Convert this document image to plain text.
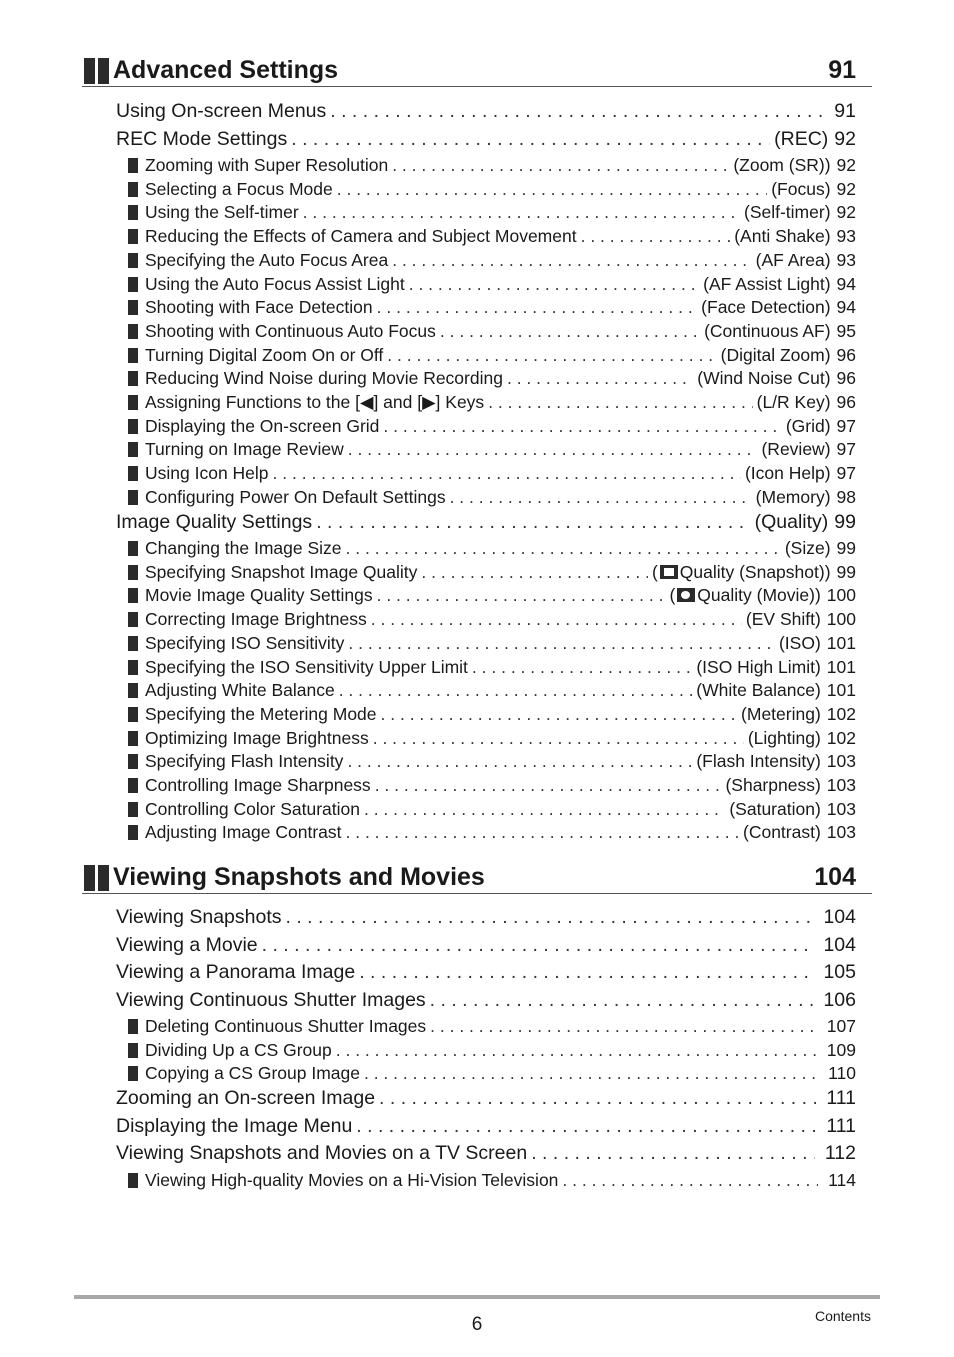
Advanced Settings	91
Viewing Snapshots and Movies	104
Using On-screen Menus . . .	91
REC Mode Settings . . .	(REC) 92
Zooming with Super Resolution . . .	(Zoom (SR)) 92
Selecting a Focus Mode . . .	(Focus) 92
Using the Self-timer . . .	(Self-timer) 92
Reducing the Effects of Camera and Subject Movement . . .	(Anti Shake) 93
Specifying the Auto Focus Area . . .	(AF Area) 93
Using the Auto Focus Assist Light . . .	(AF Assist Light) 94
Shooting with Face Detection . . .	(Face Detection) 94
Shooting with Continuous Auto Focus . . .	(Continuous AF) 95
Turning Digital Zoom On or Off . . .	(Digital Zoom) 96
Reducing Wind Noise during Movie Recording . . .	(Wind Noise Cut) 96
Assigning Functions to the [◀] and [▶] Keys . . .	(L/R Key) 96
Displaying the On-screen Grid . . .	(Grid) 97
Turning on Image Review . . .	(Review) 97
Using Icon Help . . .	(Icon Help) 97
Configuring Power On Default Settings . . .	(Memory) 98
Image Quality Settings . . .	(Quality) 99
Changing the Image Size . . .	(Size) 99
Specifying Snapshot Image Quality . . .	( Quality (Snapshot)) 99
Movie Image Quality Settings . . .	( Quality (Movie)) 100
Correcting Image Brightness . . .	(EV Shift) 100
Specifying ISO Sensitivity . . .	(ISO) 101
Specifying the ISO Sensitivity Upper Limit . . .	(ISO High Limit) 101
Adjusting White Balance . . .	(White Balance) 101
Specifying the Metering Mode . . .	(Metering) 102
Optimizing Image Brightness . . .	(Lighting) 102
Specifying Flash Intensity . . .	(Flash Intensity) 103
Controlling Image Sharpness . . .	(Sharpness) 103
Controlling Color Saturation . . .	(Saturation) 103
Adjusting Image Contrast . . .	(Contrast) 103
Viewing Snapshots . . .	104
Viewing a Movie . . .	104
Viewing a Panorama Image . . .	105
Viewing Continuous Shutter Images . . .	106
Deleting Continuous Shutter Images . . .	107
Dividing Up a CS Group . . .	109
Copying a CS Group Image . . .	110
Zooming an On-screen Image . . .	111
Displaying the Image Menu . . .	111
Viewing Snapshots and Movies on a TV Screen . . .	112
Viewing High-quality Movies on a Hi-Vision Television . . .	114
6	Contents
